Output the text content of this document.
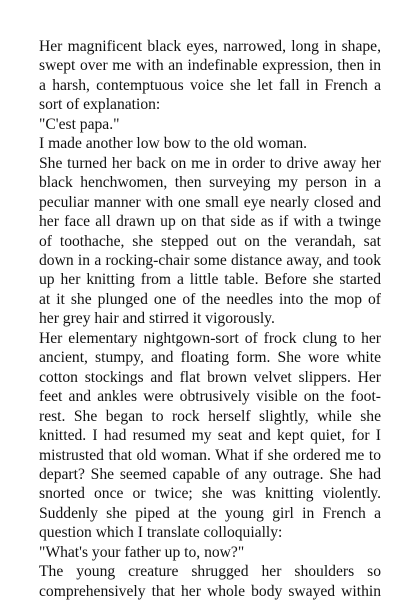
Her magnificent black eyes, narrowed, long in shape,
swept over me with an indefinable expression, then in
a harsh, contemptuous voice she let fall in French a
sort of explanation:
"C'est papa."
I made another low bow to the old woman.
She turned her back on me in order to drive away her
black henchwomen, then surveying my person in a
peculiar manner with one small eye nearly closed and
her face all drawn up on that side as if with a twinge
of toothache, she stepped out on the verandah, sat
down in a rocking-chair some distance away, and took
up her knitting from a little table. Before she started
at it she plunged one of the needles into the mop of
her grey hair and stirred it vigorously.
Her elementary nightgown-sort of frock clung to her
ancient, stumpy, and floating form. She wore white
cotton stockings and flat brown velvet slippers. Her
feet and ankles were obtrusively visible on the foot-
rest. She began to rock herself slightly, while she
knitted. I had resumed my seat and kept quiet, for I
mistrusted that old woman. What if she ordered me to
depart? She seemed capable of any outrage. She had
snorted once or twice; she was knitting violently.
Suddenly she piped at the young girl in French a
question which I translate colloquially:
"What's your father up to, now?"
The young creature shrugged her shoulders so
comprehensively that her whole body swayed within
